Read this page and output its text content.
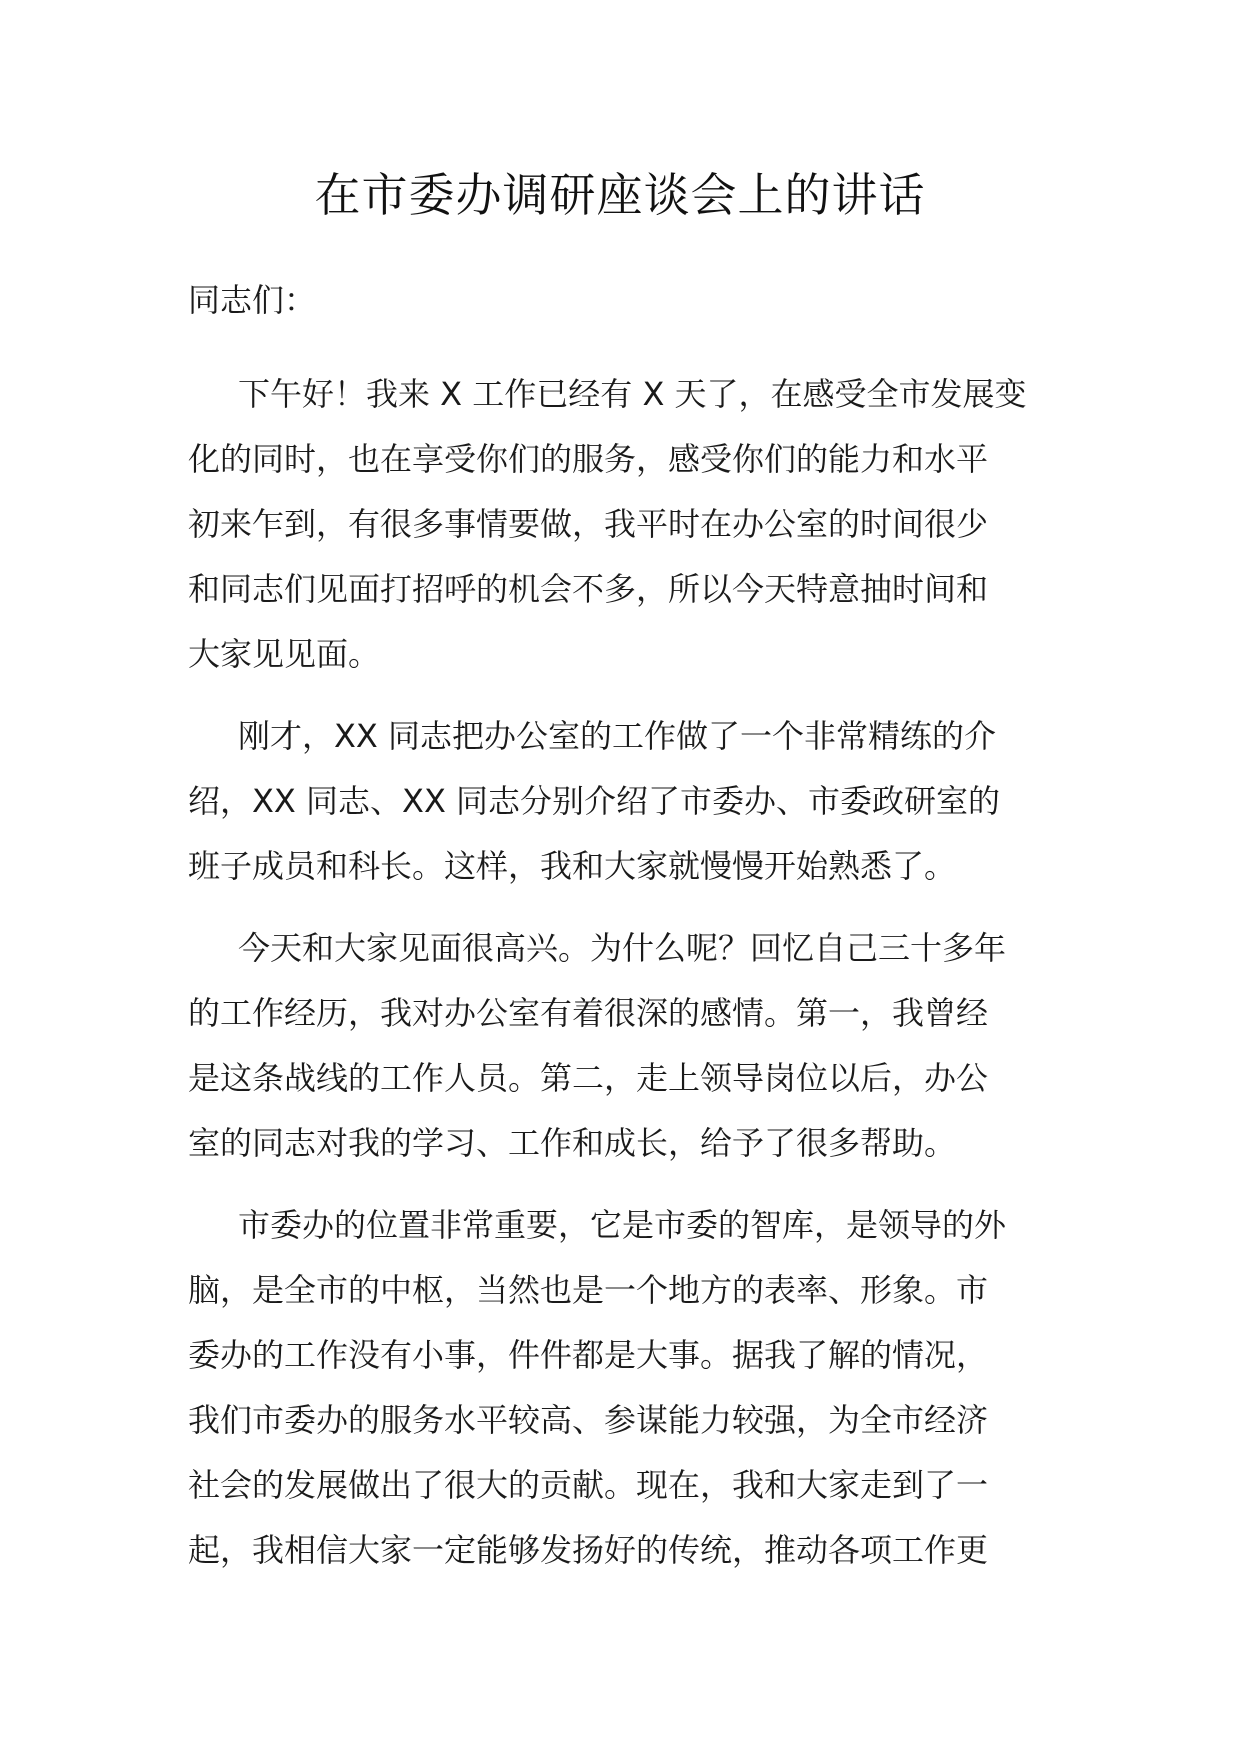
在市委办调研座谈会上的讲话

同志们：

下午好！我来 X 工作已经有 X 天了，在感受全市发展变
化的同时，也在享受你们的服务，感受你们的能力和水平
初来乍到，有很多事情要做，我平时在办公室的时间很少
和同志们见面打招呼的机会不多，所以今天特意抽时间和
大家见见面。

刚才，XX 同志把办公室的工作做了一个非常精练的介
绍，XX 同志、XX 同志分别介绍了市委办、市委政研室的
班子成员和科长。这样，我和大家就慢慢开始熟悉了。

今天和大家见面很高兴。为什么呢？回忆自己三十多年
的工作经历，我对办公室有着很深的感情。第一，我曾经
是这条战线的工作人员。第二，走上领导岗位以后，办公
室的同志对我的学习、工作和成长，给予了很多帮助。

市委办的位置非常重要，它是市委的智库，是领导的外
脑，是全市的中枢，当然也是一个地方的表率、形象。市
委办的工作没有小事，件件都是大事。据我了解的情况，
我们市委办的服务水平较高、参谋能力较强，为全市经济
社会的发展做出了很大的贡献。现在，我和大家走到了一
起，我相信大家一定能够发扬好的传统，推动各项工作更
